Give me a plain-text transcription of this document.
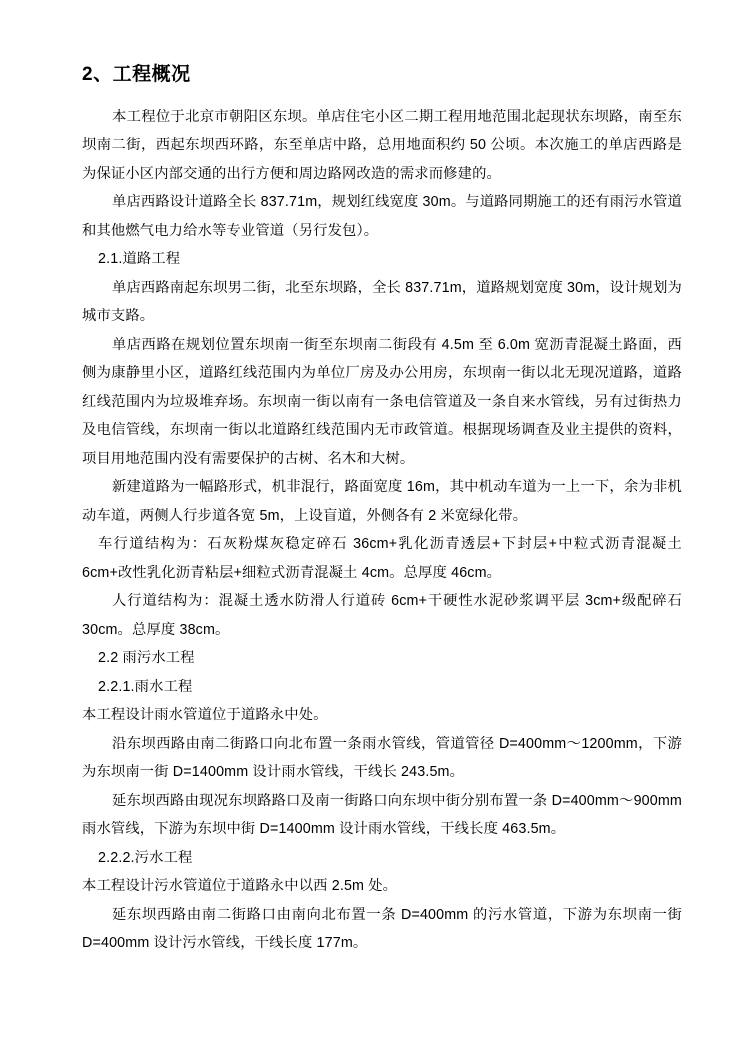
2、工程概况

本工程位于北京市朝阳区东坝。单店住宅小区二期工程用地范围北起现状东坝路，南至东坝南二街，西起东坝西环路，东至单店中路，总用地面积约 50 公顷。本次施工的单店西路是为保证小区内部交通的出行方便和周边路网改造的需求而修建的。

单店西路设计道路全长 837.71m，规划红线宽度 30m。与道路同期施工的还有雨污水管道和其他燃气电力给水等专业管道（另行发包）。

2.1.道路工程

单店西路南起东坝男二街，北至东坝路，全长 837.71m，道路规划宽度 30m，设计规划为城市支路。

单店西路在规划位置东坝南一街至东坝南二街段有 4.5m 至 6.0m 宽沥青混凝土路面，西侧为康静里小区，道路红线范围内为单位厂房及办公用房，东坝南一街以北无现况道路，道路红线范围内为垃圾堆弃场。东坝南一街以南有一条电信管道及一条自来水管线，另有过街热力及电信管线，东坝南一街以北道路红线范围内无市政管道。根据现场调查及业主提供的资料，项目用地范围内没有需要保护的古树、名木和大树。

新建道路为一幅路形式，机非混行，路面宽度 16m，其中机动车道为一上一下，余为非机动车道，两侧人行步道各宽 5m，上设盲道，外侧各有 2 米宽绿化带。

车行道结构为：石灰粉煤灰稳定碎石 36cm+乳化沥青透层+下封层+中粒式沥青混凝土 6cm+改性乳化沥青粘层+细粒式沥青混凝土 4cm。总厚度 46cm。

人行道结构为：混凝土透水防滑人行道砖 6cm+干硬性水泥砂浆调平层 3cm+级配碎石 30cm。总厚度 38cm。

2.2 雨污水工程

2.2.1.雨水工程

本工程设计雨水管道位于道路永中处。

沿东坝西路由南二街路口向北布置一条雨水管线，管道管径 D=400mm～1200mm，下游为东坝南一街 D=1400mm 设计雨水管线，干线长 243.5m。

延东坝西路由现况东坝路路口及南一街路口向东坝中街分别布置一条 D=400mm～900mm 雨水管线，下游为东坝中街 D=1400mm 设计雨水管线，干线长度 463.5m。

2.2.2.污水工程

本工程设计污水管道位于道路永中以西 2.5m 处。

延东坝西路由南二街路口由南向北布置一条 D=400mm 的污水管道，下游为东坝南一街 D=400mm 设计污水管线，干线长度 177m。
